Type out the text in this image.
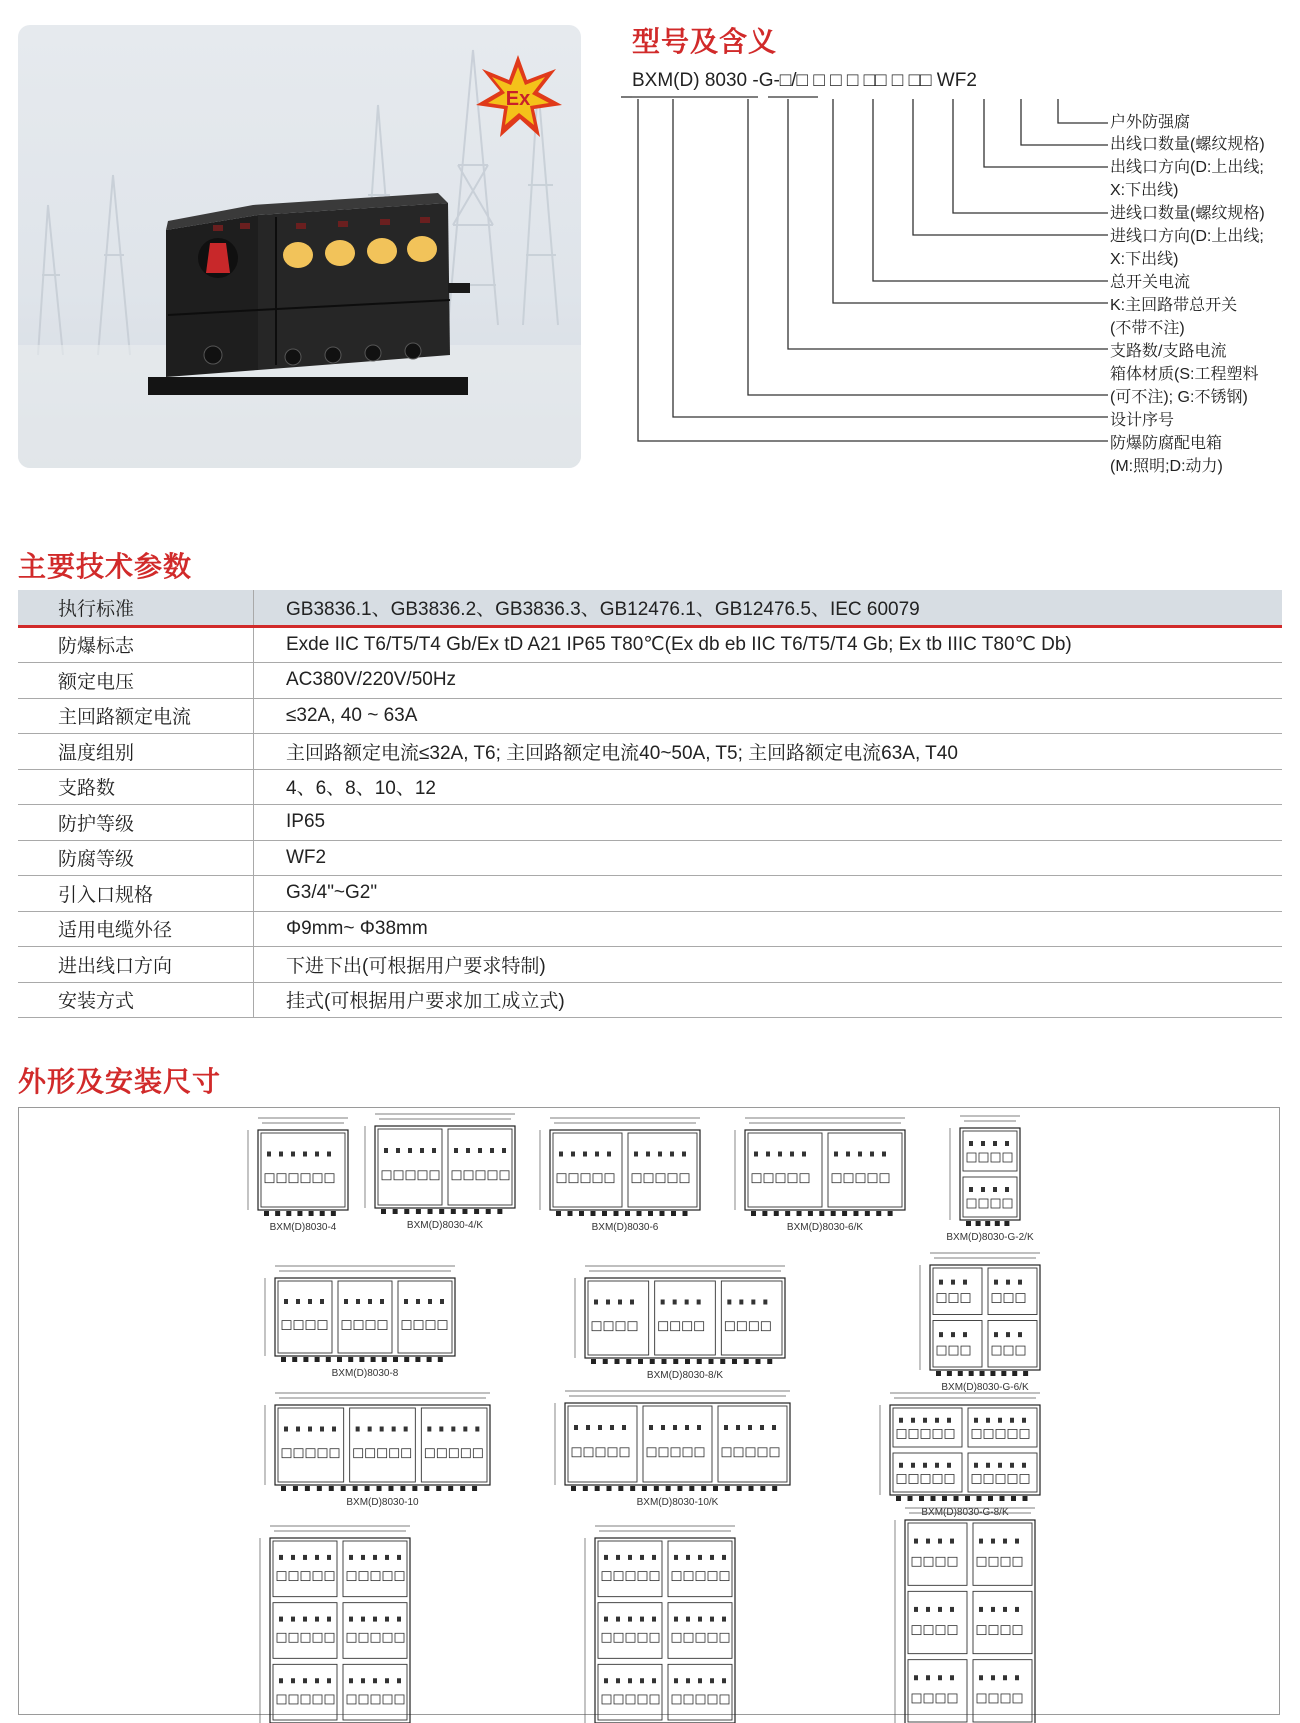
Ex
型号及含义
BXM(D) 8030 -G-□/□ □ □ □ □□ □ □□ WF2
户外防强腐
出线口数量(螺纹规格)
出线口方向(D:上出线;
X:下出线)
进线口数量(螺纹规格)
进线口方向(D:上出线;
X:下出线)
总开关电流
K:主回路带总开关
(不带不注)
支路数/支路电流
箱体材质(S:工程塑料
(可不注); G:不锈钢)
设计序号
防爆防腐配电箱
(M:照明;D:动力)
主要技术参数
执行标准	GB3836.1、GB3836.2、GB3836.3、GB12476.1、GB12476.5、IEC 60079
防爆标志	Exde IIC T6/T5/T4 Gb/Ex tD A21 IP65 T80℃(Ex db eb IIC T6/T5/T4 Gb; Ex tb IIIC T80℃ Db)
额定电压	AC380V/220V/50Hz
主回路额定电流	≤32A, 40 ~ 63A
温度组别	主回路额定电流≤32A, T6; 主回路额定电流40~50A, T5; 主回路额定电流63A, T40
支路数	4、6、8、10、12
防护等级	IP65
防腐等级	WF2
引入口规格	G3/4"~G2"
适用电缆外径	Φ9mm~ Φ38mm
进出线口方向	下进下出(可根据用户要求特制)
安装方式	挂式(可根据用户要求加工成立式)
外形及安装尺寸
BXM(D)8030-4	BXM(D)8030-4/K	BXM(D)8030-6	BXM(D)8030-6/K
BXM(D)8030-G-2/K
BXM(D)8030-8	BXM(D)8030-8/K
BXM(D)8030-G-6/K
BXM(D)8030-10	BXM(D)8030-10/K
BXM(D)8030-G-8/K
